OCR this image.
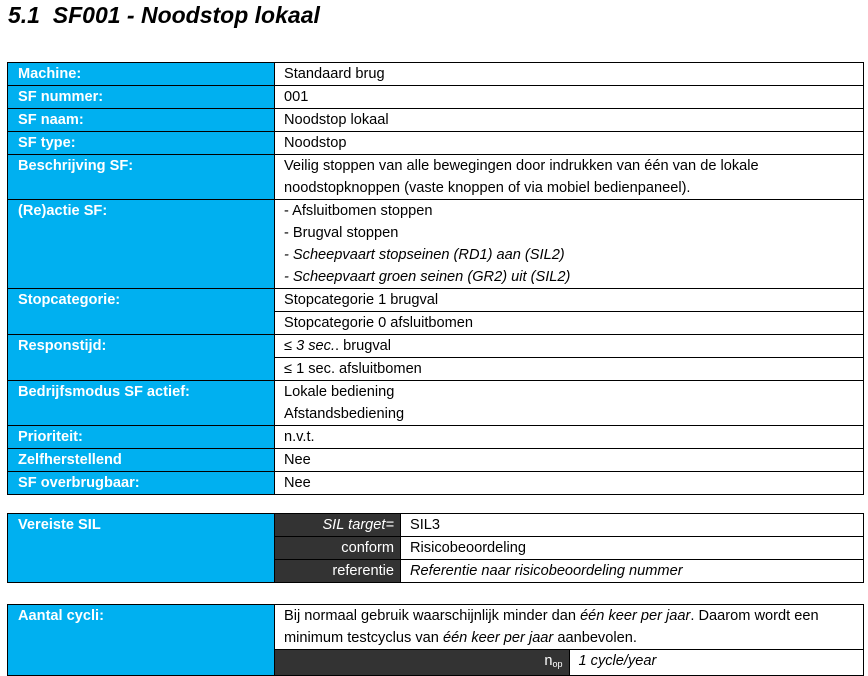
5.1 SF001 - Noodstop lokaal
Machine:	Standaard brug
SF nummer:	001
SF naam:	Noodstop lokaal
SF type:	Noodstop
Beschrijving SF:	Veilig stoppen van alle bewegingen door indrukken van één van de lokale noodstopknoppen (vaste knoppen of via mobiel bedienpaneel).
(Re)actie SF:	- Afsluitbomen stoppen
- Brugval stoppen
- Scheepvaart stopseinen (RD1) aan (SIL2)
- Scheepvaart groen seinen (GR2) uit (SIL2)

Stopcategorie:	Stopcategorie 1 brugval
	Stopcategorie 0 afsluitbomen
Responstijd:	≤ 3 sec.. brugval
	≤ 1 sec. afsluitbomen
Bedrijfsmodus SF actief:	Lokale bediening
Afstandsbediening

Prioriteit:	n.v.t.
Zelfherstellend	Nee
SF overbrugbaar:	Nee
Vereiste SIL	SIL target=	SIL3
	conform	Risicobeoordeling
	referentie	Referentie naar risicobeoordeling nummer
Aantal cycli:	Bij normaal gebruik waarschijnlijk minder dan één keer per jaar. Daarom wordt een minimum testcyclus van één keer per jaar aanbevolen.	
	$n_{op}$	1 cycle/year
